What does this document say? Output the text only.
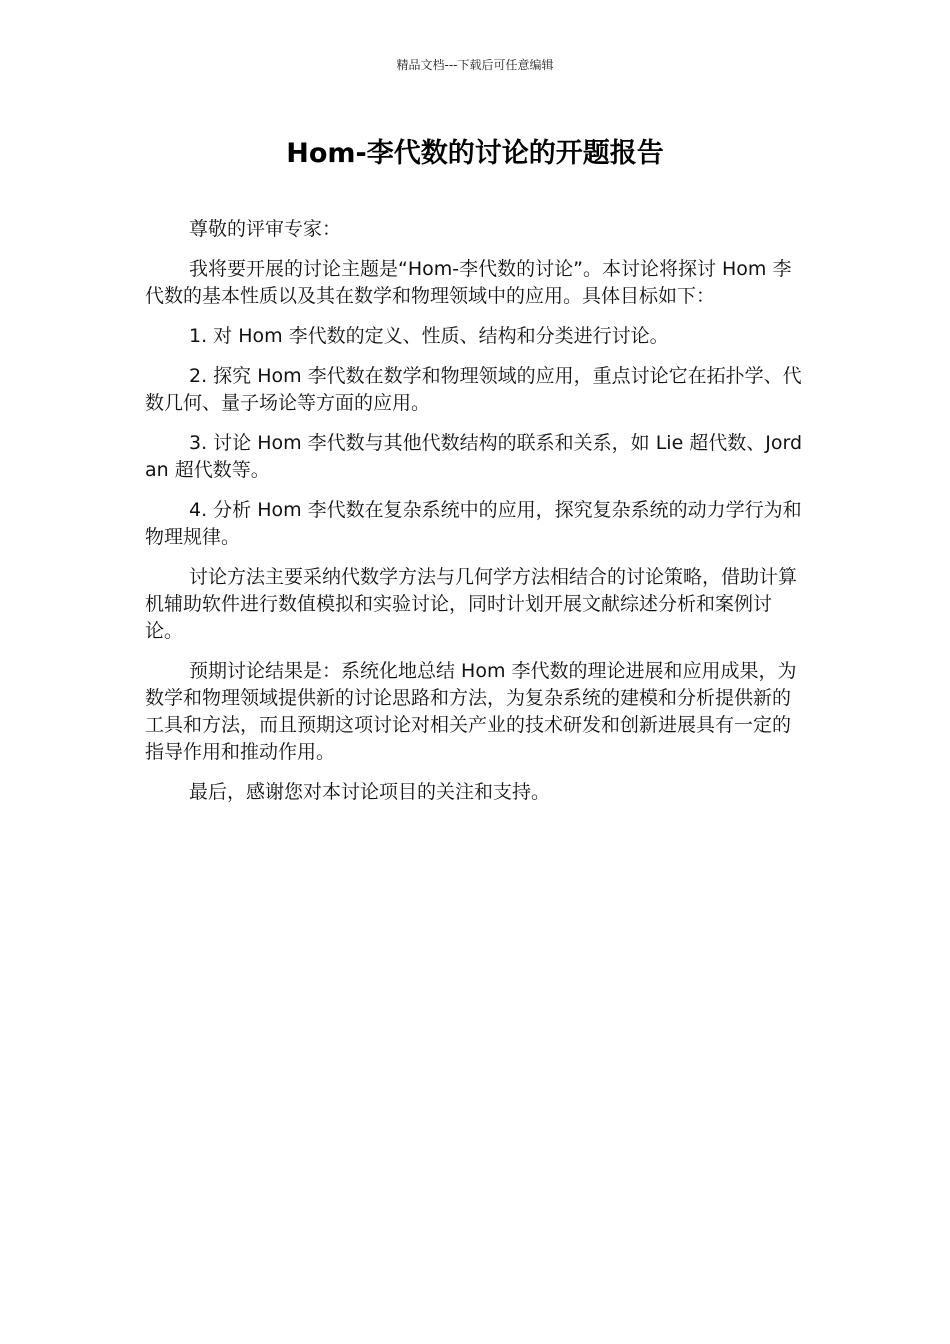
精品文档---下载后可任意编辑
Hom-李代数的讨论的开题报告

尊敬的评审专家：

我将要开展的讨论主题是“Hom-李代数的讨论”。本讨论将探讨 Hom 李代数的基本性质以及其在数学和物理领域中的应用。具体目标如下：

1. 对 Hom 李代数的定义、性质、结构和分类进行讨论。

2. 探究 Hom 李代数在数学和物理领域的应用，重点讨论它在拓扑学、代数几何、量子场论等方面的应用。

3. 讨论 Hom 李代数与其他代数结构的联系和关系，如 Lie 超代数、Jordan 超代数等。

4. 分析 Hom 李代数在复杂系统中的应用，探究复杂系统的动力学行为和物理规律。

讨论方法主要采纳代数学方法与几何学方法相结合的讨论策略，借助计算机辅助软件进行数值模拟和实验讨论，同时计划开展文献综述分析和案例讨论。

预期讨论结果是：系统化地总结 Hom 李代数的理论进展和应用成果，为数学和物理领域提供新的讨论思路和方法，为复杂系统的建模和分析提供新的工具和方法，而且预期这项讨论对相关产业的技术研发和创新进展具有一定的指导作用和推动作用。

最后，感谢您对本讨论项目的关注和支持。
